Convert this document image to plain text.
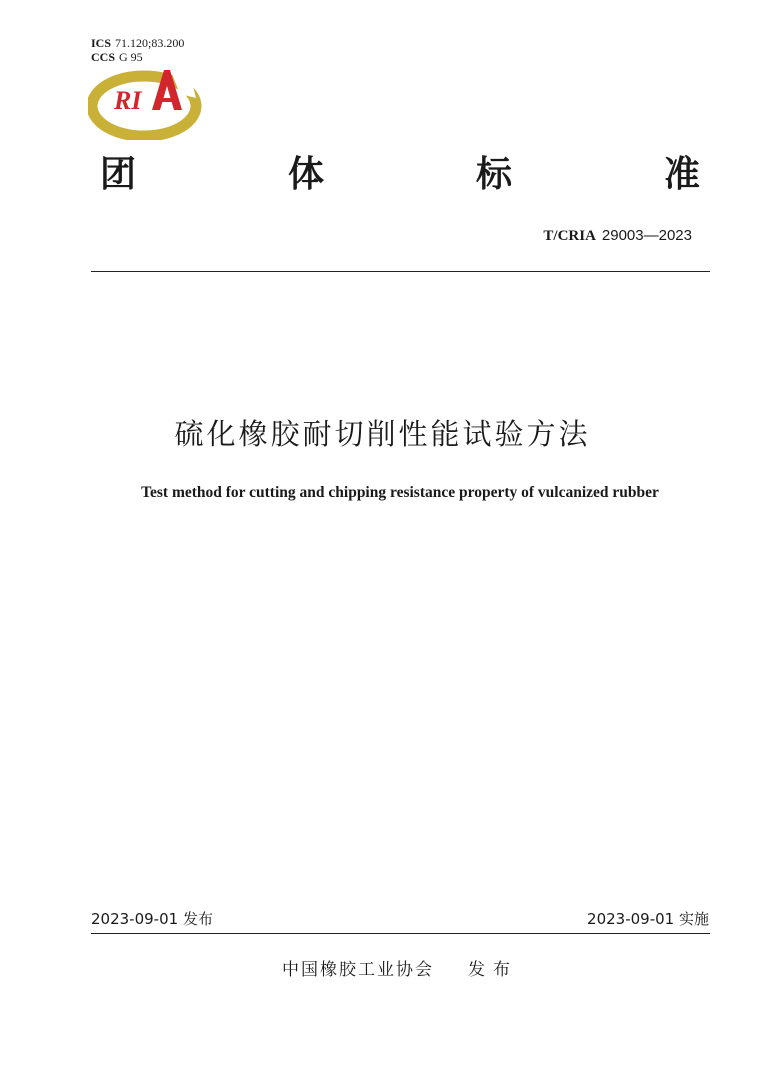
ICS 71.120;83.200
CCS G 95
RI
团	体	标	准
T/CRIA 29003—2023
硫化橡胶耐切削性能试验方法
Test method for cutting and chipping resistance property of vulcanized rubber
2023-09-01 发布	2023-09-01 实施
中国橡胶工业协会 发布
